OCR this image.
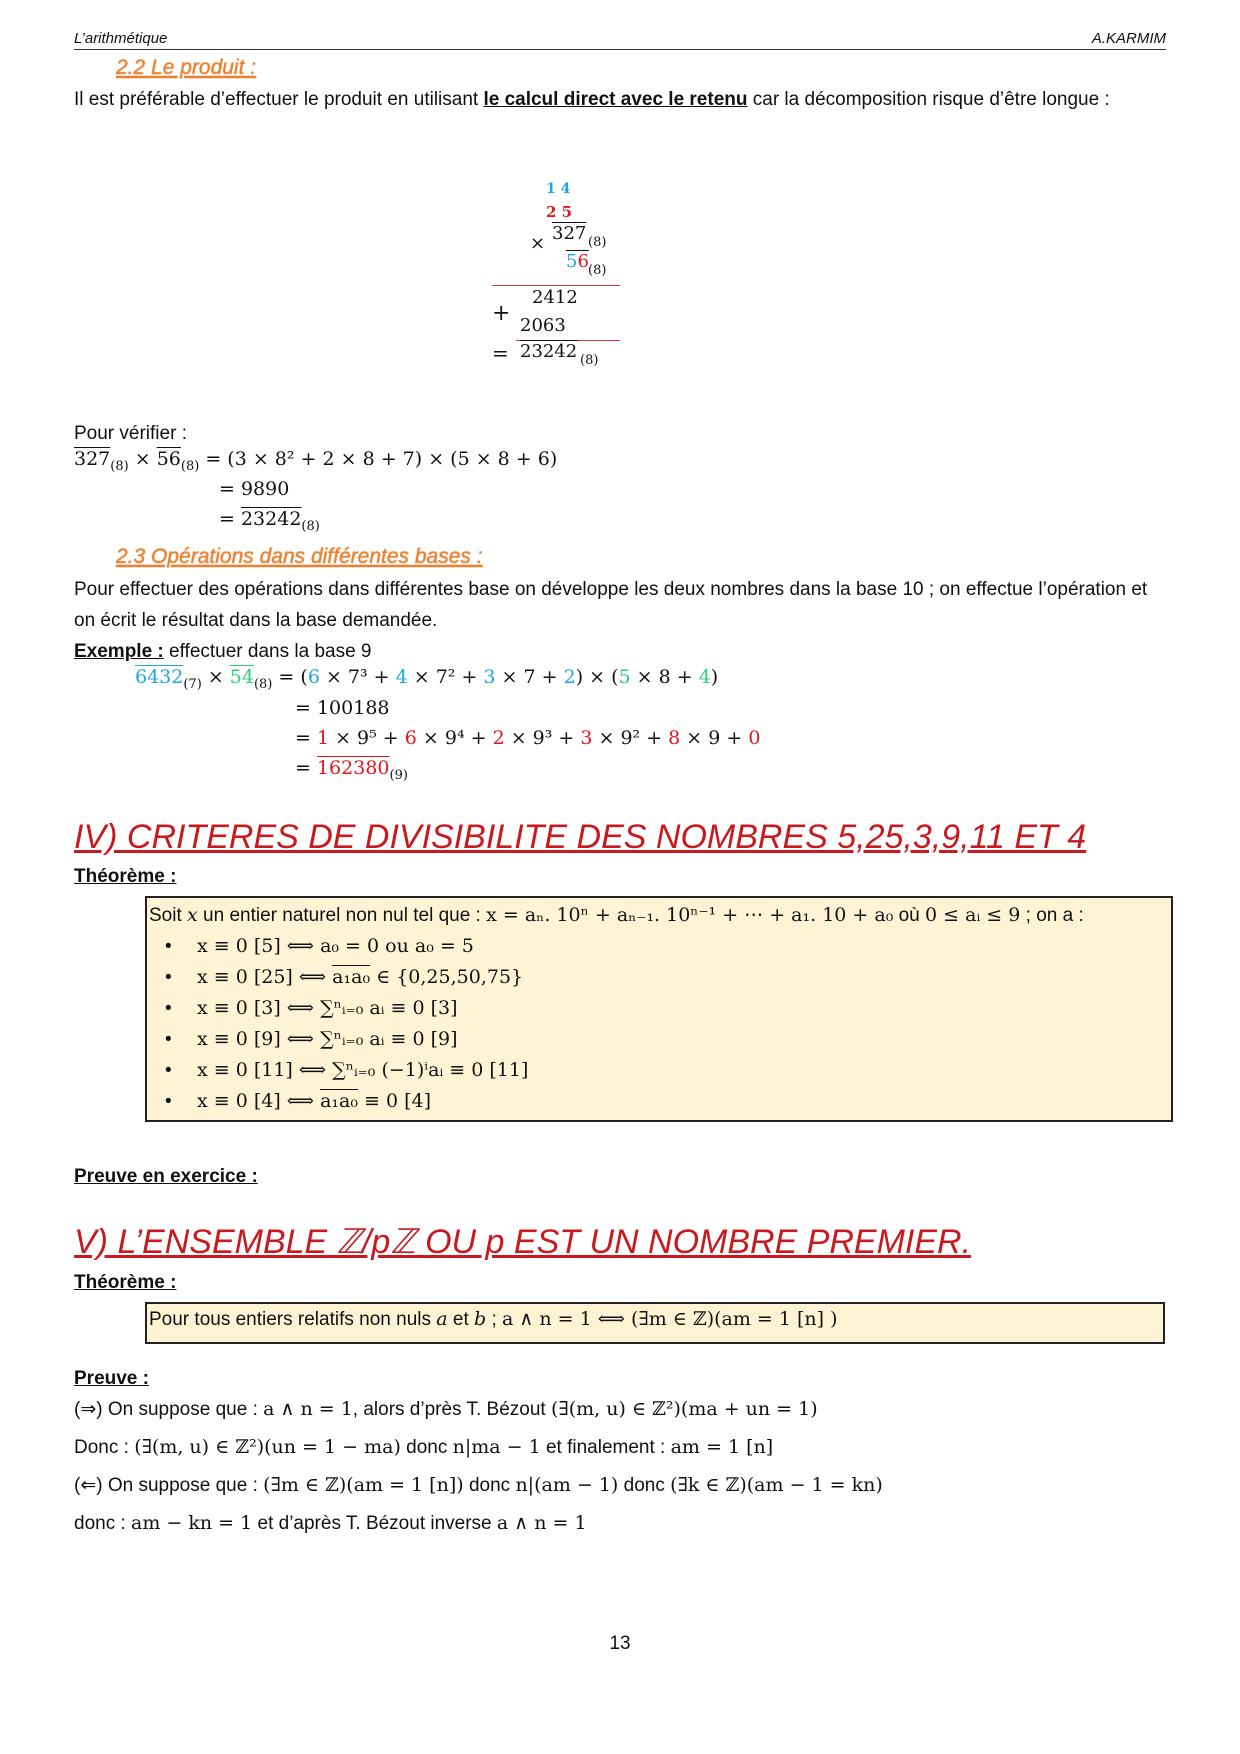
L’arithmétique	A.KARMIM
2.2 Le produit :
Il est préférable d’effectuer le produit en utilisant le calcul direct avec le retenu car la décomposition risque d’être longue :
1 4
2 5
× 327 (8)
56 (8)
2412
+ 2063
= 23242 (8)
Pour vérifier :
$327_{(8)} \times 56_{(8)} = (3 \times 8^2 + 2 \times 8 + 7) \times (5 \times 8 + 6)$
= 9890
= $23242_{(8)}$
2.3 Opérations dans différentes bases :
Pour effectuer des opérations dans différentes base on développe les deux nombres dans la base 10 ; on effectue l’opération et on écrit le résultat dans la base demandée.
Exemple : effectuer dans la base 9
$6432_{(7)} \times 54_{(8)} = (6 \times 7^3 + 4 \times 7^2 + 3 \times 7 + 2) \times (5 \times 8 + 4)$
= 100188
= 1 × 9⁵ + 6 × 9⁴ + 2 × 9³ + 3 × 9² + 8 × 9 + 0
= $162380_{(9)}$
IV) CRITERES DE DIVISIBILITE DES NOMBRES 5,25,3,9,11 ET 4
Théorème :
Soit x un entier naturel non nul tel que : x = aₙ. 10ⁿ + aₙ₋₁. 10ⁿ⁻¹ + ⋯ + a₁. 10 + a₀ où 0 ≤ aᵢ ≤ 9 ; on a :
• x ≡ 0 [5] ⟺ a₀ = 0 ou a₀ = 5
• x ≡ 0 [25] ⟺ a₁a₀ ∈ {0,25,50,75}
• x ≡ 0 [3] ⟺ ∑ⁿᵢ₌₀ aᵢ ≡ 0 [3]
• x ≡ 0 [9] ⟺ ∑ⁿᵢ₌₀ aᵢ ≡ 0 [9]
• x ≡ 0 [11] ⟺ ∑ⁿᵢ₌₀ (−1)ⁱaᵢ ≡ 0 [11]
• x ≡ 0 [4] ⟺ a₁a₀ ≡ 0 [4]
Preuve en exercice :
V) L’ENSEMBLE ℤ/pℤ OU p EST UN NOMBRE PREMIER.
Théorème :
Pour tous entiers relatifs non nuls a et b ; a ∧ n = 1 ⟺ (∃m ∈ ℤ)(am = 1 [n] )
Preuve :
(⇒) On suppose que : a ∧ n = 1, alors d’près T. Bézout (∃(m, u) ∈ ℤ²)(ma + un = 1)
Donc : (∃(m, u) ∈ ℤ²)(un = 1 − ma) donc n|ma − 1 et finalement : am = 1 [n]
(⇐) On suppose que : (∃m ∈ ℤ)(am = 1 [n]) donc n|(am − 1) donc (∃k ∈ ℤ)(am − 1 = kn)
donc : am − kn = 1 et d’après T. Bézout inverse a ∧ n = 1
13
